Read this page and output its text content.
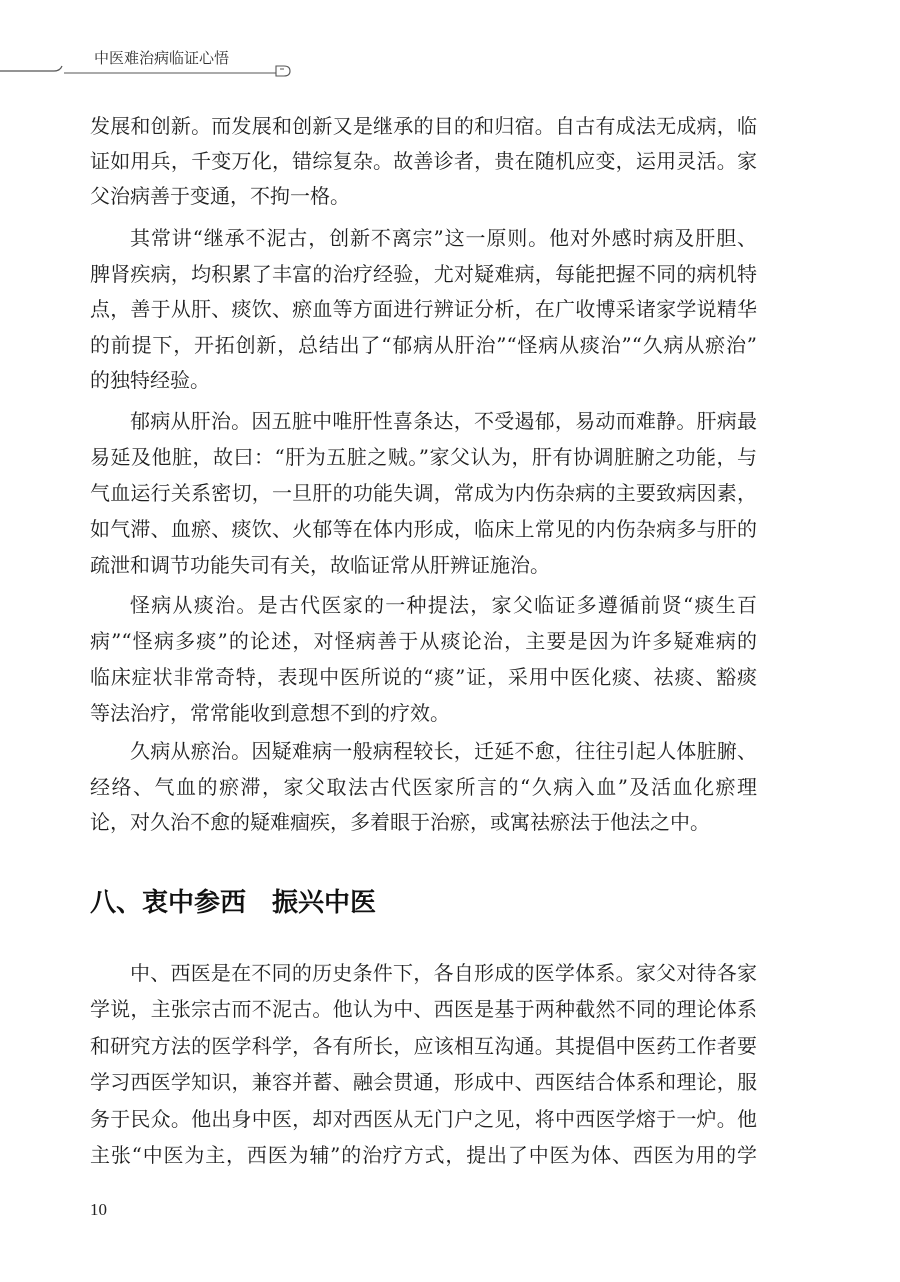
中医难治病临证心悟
发展和创新。而发展和创新又是继承的目的和归宿。自古有成法无成病，临
证如用兵，千变万化，错综复杂。故善诊者，贵在随机应变，运用灵活。家
父治病善于变通，不拘一格。
其常讲“继承不泥古，创新不离宗”这一原则。他对外感时病及肝胆、
脾肾疾病，均积累了丰富的治疗经验，尤对疑难病，每能把握不同的病机特
点，善于从肝、痰饮、瘀血等方面进行辨证分析，在广收博采诸家学说精华
的前提下，开拓创新，总结出了“郁病从肝治”“怪病从痰治”“久病从瘀治”
的独特经验。
郁病从肝治。因五脏中唯肝性喜条达，不受遏郁，易动而难静。肝病最
易延及他脏，故曰：“肝为五脏之贼。”家父认为，肝有协调脏腑之功能，与
气血运行关系密切，一旦肝的功能失调，常成为内伤杂病的主要致病因素，
如气滞、血瘀、痰饮、火郁等在体内形成，临床上常见的内伤杂病多与肝的
疏泄和调节功能失司有关，故临证常从肝辨证施治。
怪病从痰治。是古代医家的一种提法，家父临证多遵循前贤“痰生百
病”“怪病多痰”的论述，对怪病善于从痰论治，主要是因为许多疑难病的
临床症状非常奇特，表现中医所说的“痰”证，采用中医化痰、祛痰、豁痰
等法治疗，常常能收到意想不到的疗效。
久病从瘀治。因疑难病一般病程较长，迁延不愈，往往引起人体脏腑、
经络、气血的瘀滞，家父取法古代医家所言的“久病入血”及活血化瘀理
论，对久治不愈的疑难痼疾，多着眼于治瘀，或寓祛瘀法于他法之中。
八、衷中参西　振兴中医
中、西医是在不同的历史条件下，各自形成的医学体系。家父对待各家
学说，主张宗古而不泥古。他认为中、西医是基于两种截然不同的理论体系
和研究方法的医学科学，各有所长，应该相互沟通。其提倡中医药工作者要
学习西医学知识，兼容并蓄、融会贯通，形成中、西医结合体系和理论，服
务于民众。他出身中医，却对西医从无门户之见，将中西医学熔于一炉。他
主张“中医为主，西医为辅”的治疗方式，提出了中医为体、西医为用的学
10
